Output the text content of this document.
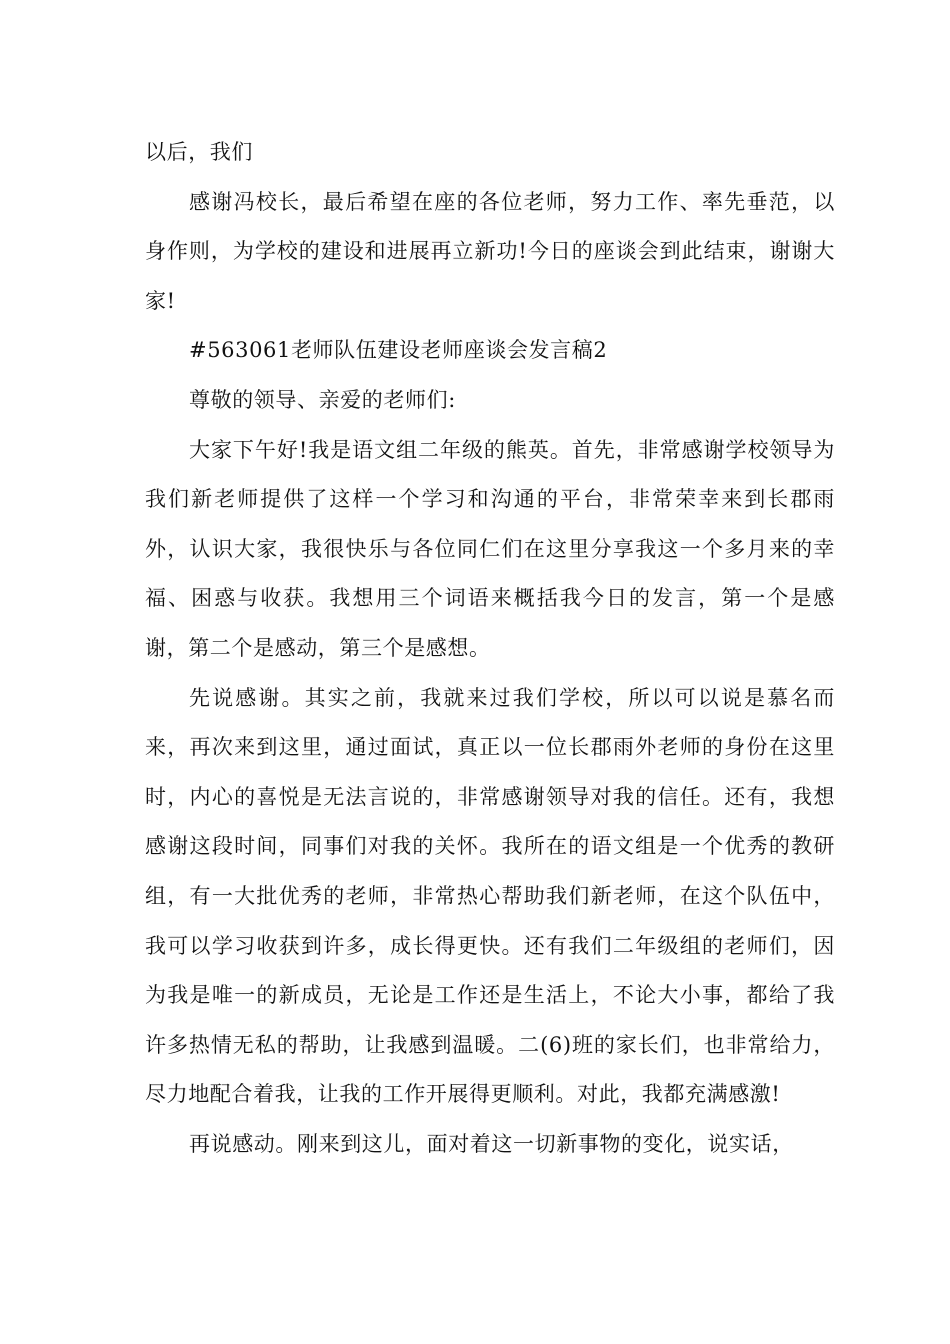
以后，我们

感谢冯校长，最后希望在座的各位老师，努力工作、率先垂范，以身作则，为学校的建设和进展再立新功!今日的座谈会到此结束，谢谢大家!

#563061老师队伍建设老师座谈会发言稿2

尊敬的领导、亲爱的老师们:

大家下午好!我是语文组二年级的熊英。首先，非常感谢学校领导为我们新老师提供了这样一个学习和沟通的平台，非常荣幸来到长郡雨外，认识大家，我很快乐与各位同仁们在这里分享我这一个多月来的幸福、困惑与收获。我想用三个词语来概括我今日的发言，第一个是感谢，第二个是感动，第三个是感想。

先说感谢。其实之前，我就来过我们学校，所以可以说是慕名而来，再次来到这里，通过面试，真正以一位长郡雨外老师的身份在这里时，内心的喜悦是无法言说的，非常感谢领导对我的信任。还有，我想感谢这段时间，同事们对我的关怀。我所在的语文组是一个优秀的教研组，有一大批优秀的老师，非常热心帮助我们新老师，在这个队伍中，我可以学习收获到许多，成长得更快。还有我们二年级组的老师们，因为我是唯一的新成员，无论是工作还是生活上，不论大小事，都给了我许多热情无私的帮助，让我感到温暖。二(6)班的家长们，也非常给力，尽力地配合着我，让我的工作开展得更顺利。对此，我都充满感激!

再说感动。刚来到这儿，面对着这一切新事物的变化，说实话，
